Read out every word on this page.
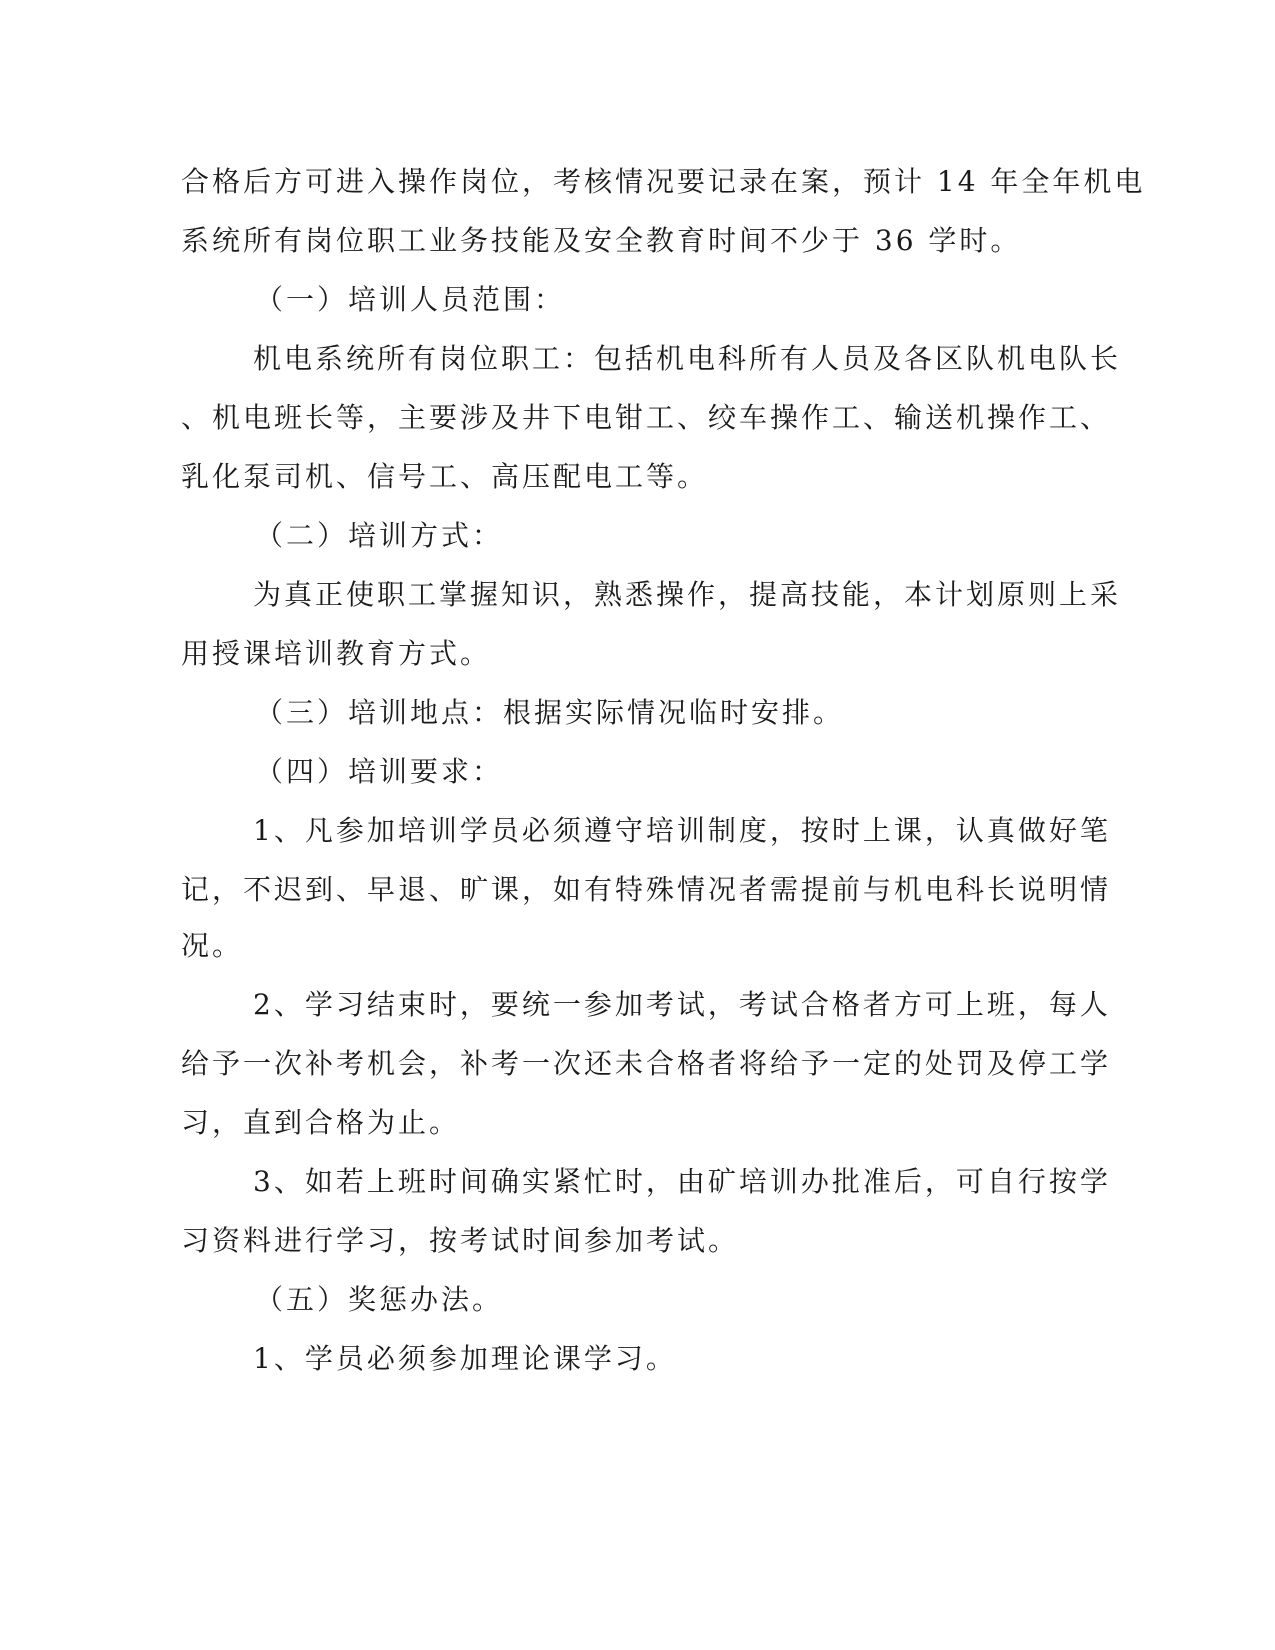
合格后方可进入操作岗位，考核情况要记录在案，预计 14 年全年机电
系统所有岗位职工业务技能及安全教育时间不少于 36 学时。
（一）培训人员范围：
机电系统所有岗位职工：包括机电科所有人员及各区队机电队长
、机电班长等，主要涉及井下电钳工、绞车操作工、输送机操作工、
乳化泵司机、信号工、高压配电工等。
（二）培训方式：
为真正使职工掌握知识，熟悉操作，提高技能，本计划原则上采
用授课培训教育方式。
（三）培训地点：根据实际情况临时安排。
（四）培训要求：
1、凡参加培训学员必须遵守培训制度，按时上课，认真做好笔
记，不迟到、早退、旷课，如有特殊情况者需提前与机电科长说明情
况。
2、学习结束时，要统一参加考试，考试合格者方可上班，每人
给予一次补考机会，补考一次还未合格者将给予一定的处罚及停工学
习，直到合格为止。
3、如若上班时间确实紧忙时，由矿培训办批准后，可自行按学
习资料进行学习，按考试时间参加考试。
（五）奖惩办法。
1、学员必须参加理论课学习。
